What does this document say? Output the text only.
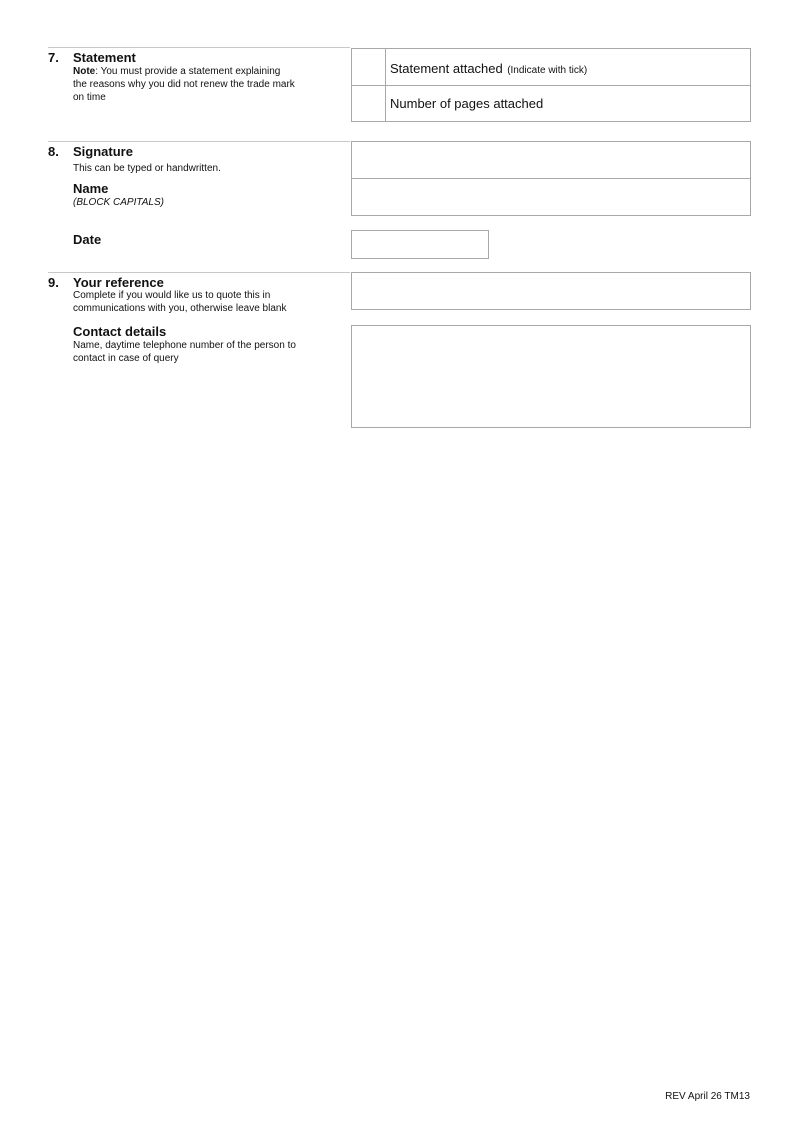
7. Statement
Note: You must provide a statement explaining
the reasons why you did not renew the trade mark
on time
Statement attached (Indicate with tick)
Number of pages attached
8. Signature
This can be typed or handwritten.
Name
(BLOCK CAPITALS)
Date
9. Your reference
Complete if you would like us to quote this in
communications with you, otherwise leave blank
Contact details
Name, daytime telephone number of the person to
contact in case of query
REV April 26 TM13
